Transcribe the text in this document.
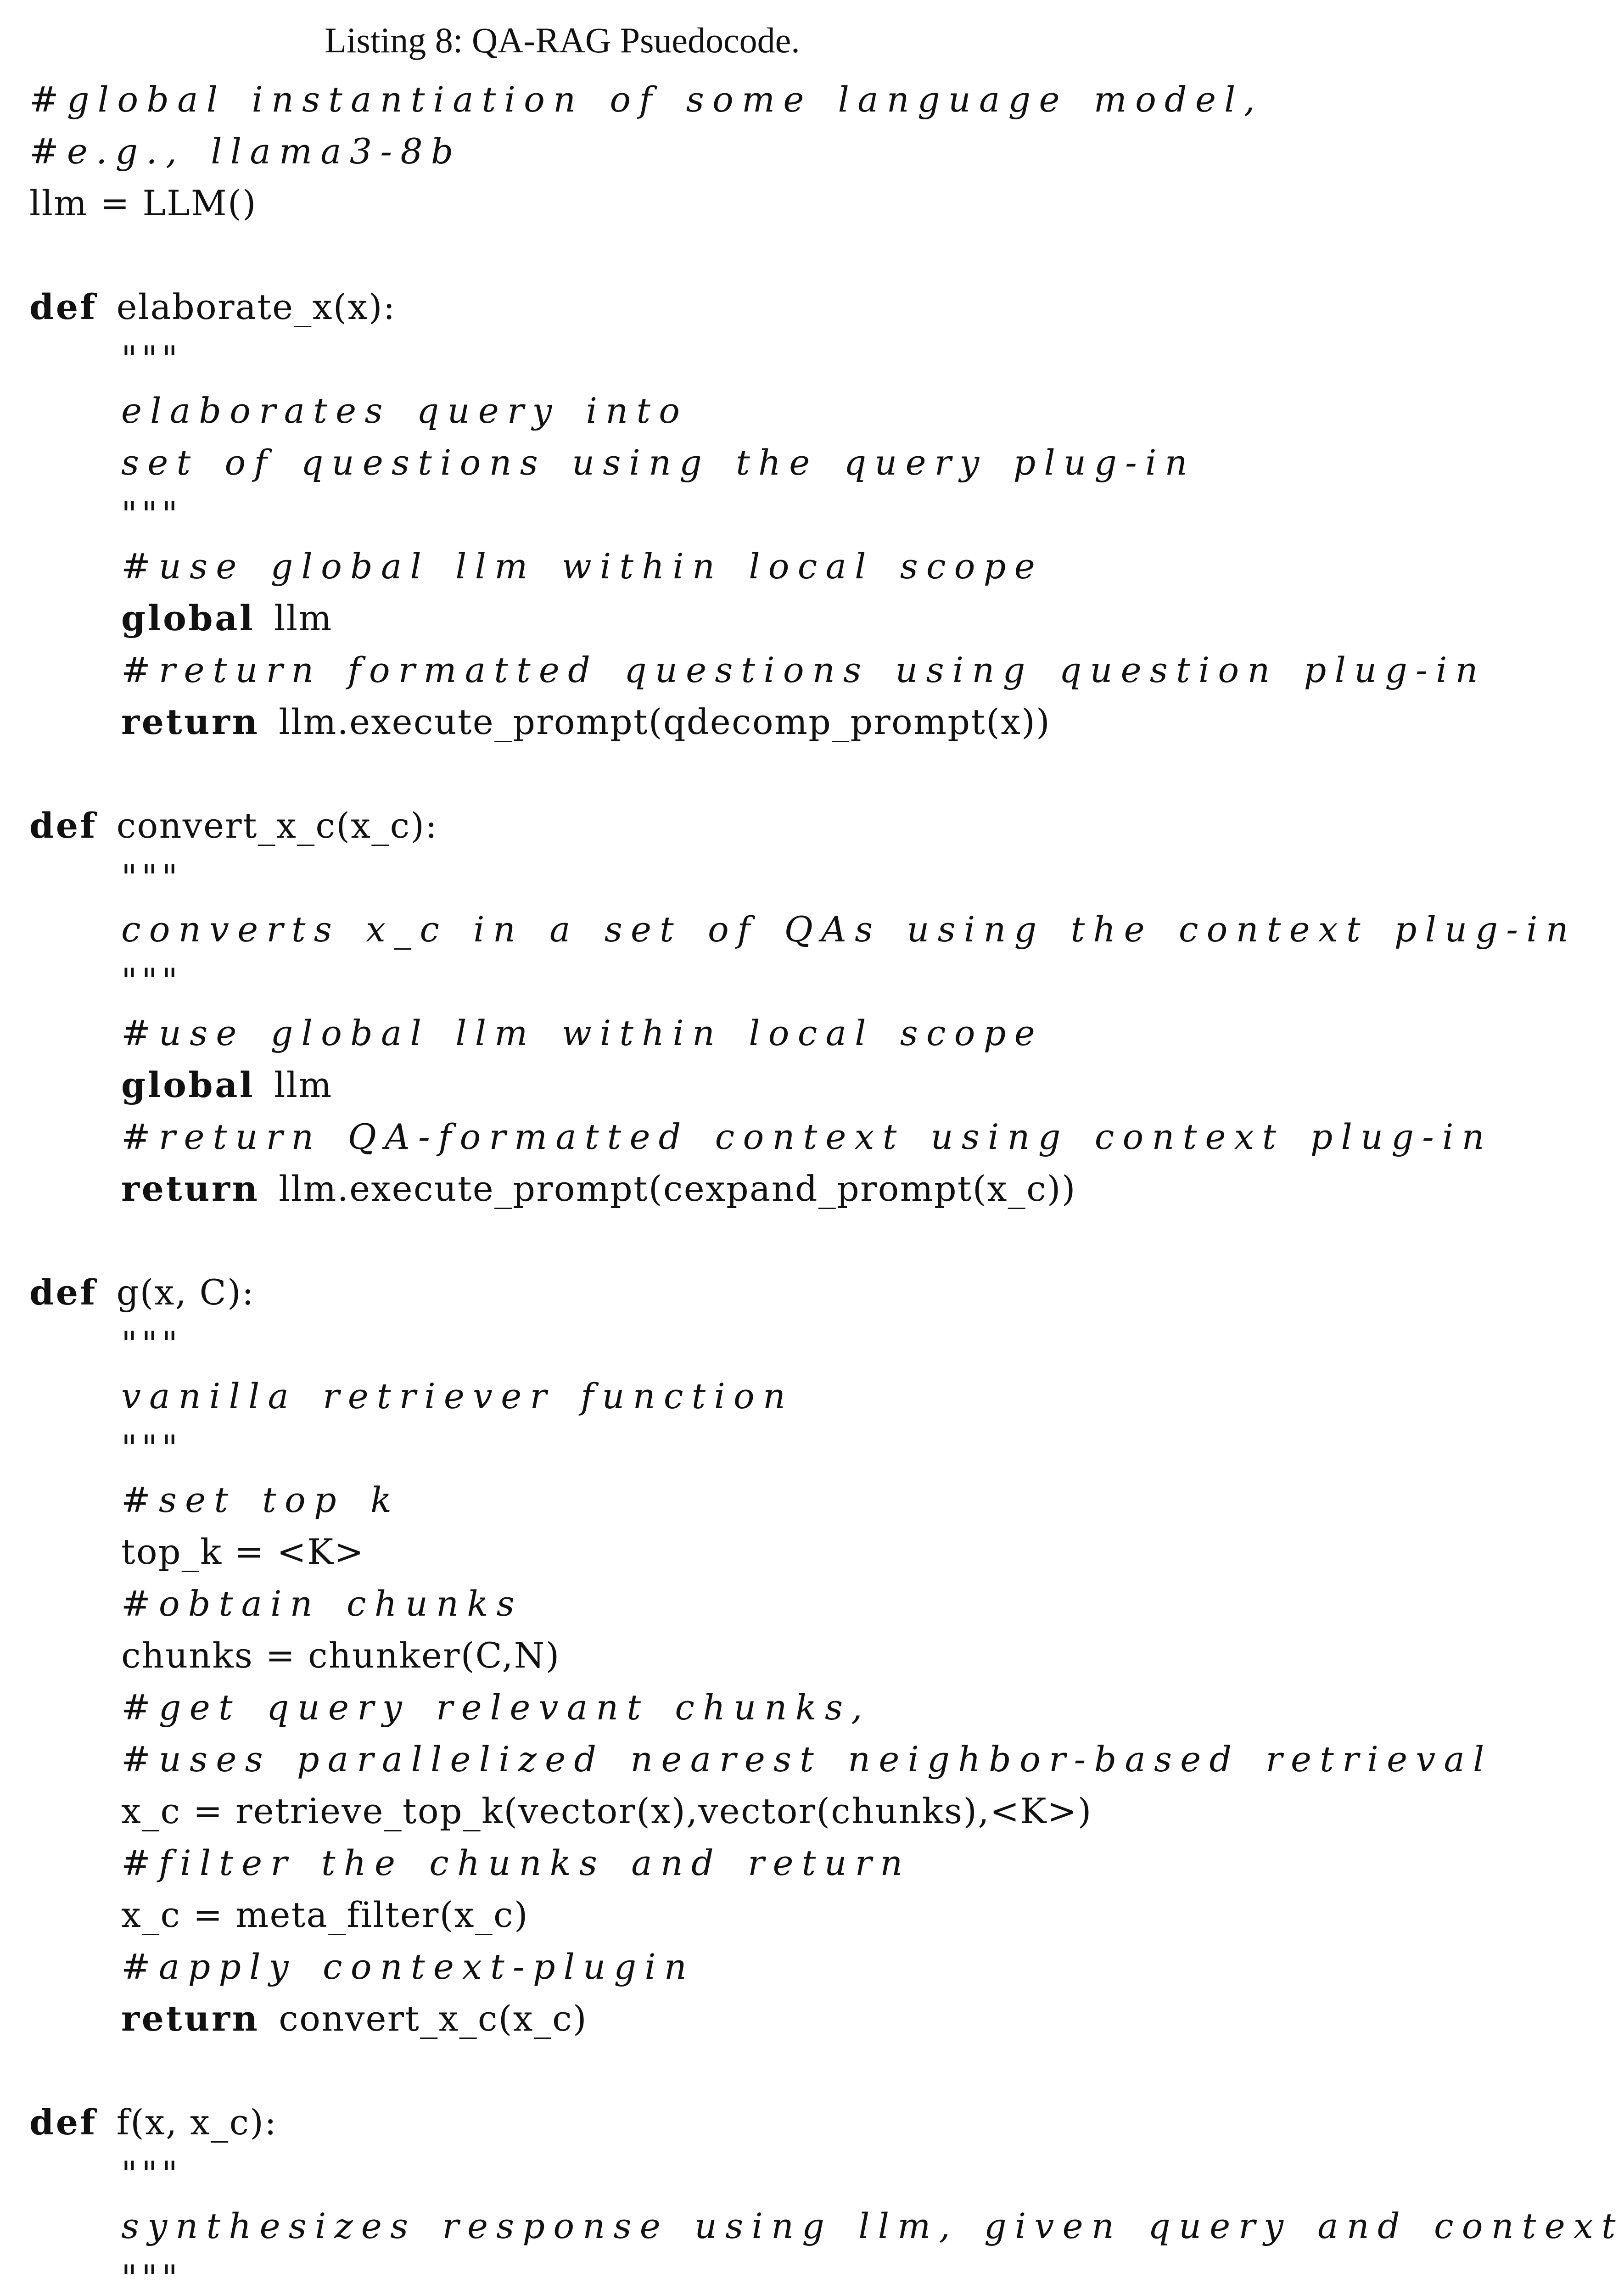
Listing 8: QA-RAG Psuedocode.
#global instantiation of some language model,
#e.g., llama3-8b
llm = LLM()
def elaborate_x(x):
"""
elaborates query into
set of questions using the query plug-in
"""
#use global llm within local scope
global llm
#return formatted questions using question plug-in
return llm.execute_prompt(qdecomp_prompt(x))
def convert_x_c(x_c):
"""
converts x_c in a set of QAs using the context plug-in
"""
#use global llm within local scope
global llm
#return QA-formatted context using context plug-in
return llm.execute_prompt(cexpand_prompt(x_c))
def g(x, C):
"""
vanilla retriever function
"""
#set top k
top_k = <K>
#obtain chunks
chunks = chunker(C,N)
#get query relevant chunks,
#uses parallelized nearest neighbor-based retrieval
x_c = retrieve_top_k(vector(x),vector(chunks),<K>)
#filter the chunks and return
x_c = meta_filter(x_c)
#apply context-plugin
return convert_x_c(x_c)
def f(x, x_c):
"""
synthesizes response using llm, given query and context
"""
